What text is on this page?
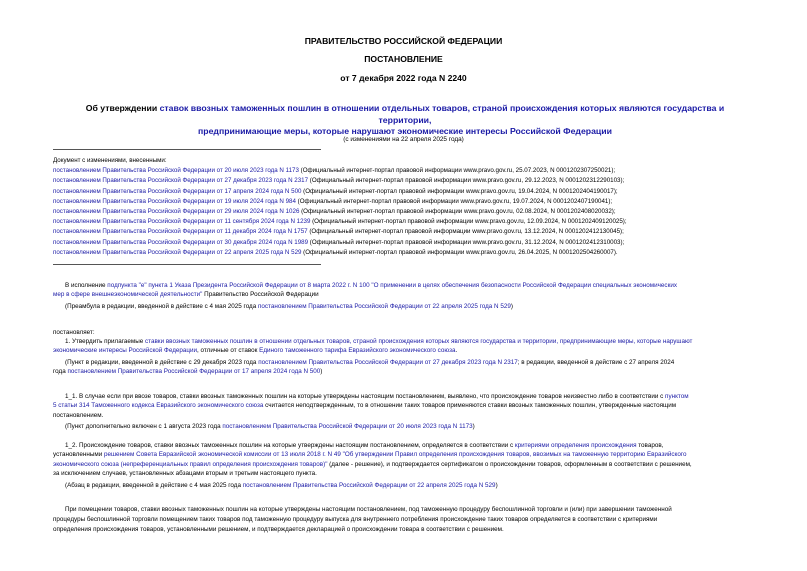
ПРАВИТЕЛЬСТВО РОССИЙСКОЙ ФЕДЕРАЦИИ
ПОСТАНОВЛЕНИЕ
от 7 декабря 2022 года N 2240
Об утверждении ставок ввозных таможенных пошлин в отношении отдельных товаров, страной происхождения которых являются государства и территории,
предпринимающие меры, которые нарушают экономические интересы Российской Федерации
(с изменениями на 22 апреля 2025 года)
Документ с изменениями, внесенными:
постановлением Правительства Российской Федерации от 20 июля 2023 года N 1173 (Официальный интернет-портал правовой информации www.pravo.gov.ru, 25.07.2023, N 0001202307250021);
постановлением Правительства Российской Федерации от 27 декабря 2023 года N 2317 (Официальный интернет-портал правовой информации www.pravo.gov.ru, 29.12.2023, N 0001202312290103);
постановлением Правительства Российской Федерации от 17 апреля 2024 года N 500 (Официальный интернет-портал правовой информации www.pravo.gov.ru, 19.04.2024, N 0001202404190017);
постановлением Правительства Российской Федерации от 19 июля 2024 года N 984 (Официальный интернет-портал правовой информации www.pravo.gov.ru, 19.07.2024, N 0001202407190041);
постановлением Правительства Российской Федерации от 29 июля 2024 года N 1026 (Официальный интернет-портал правовой информации www.pravo.gov.ru, 02.08.2024, N 0001202408020032);
постановлением Правительства Российской Федерации от 11 сентября 2024 года N 1239 (Официальный интернет-портал правовой информации www.pravo.gov.ru, 12.09.2024, N 0001202409120025);
постановлением Правительства Российской Федерации от 11 декабря 2024 года N 1757 (Официальный интернет-портал правовой информации www.pravo.gov.ru, 13.12.2024, N 0001202412130045);
постановлением Правительства Российской Федерации от 30 декабря 2024 года N 1989 (Официальный интернет-портал правовой информации www.pravo.gov.ru, 31.12.2024, N 0001202412310003);
постановлением Правительства Российской Федерации от 22 апреля 2025 года N 529 (Официальный интернет-портал правовой информации www.pravo.gov.ru, 26.04.2025, N 0001202504260007).
В исполнение подпункта "е" пункта 1 Указа Президента Российской Федерации от 8 марта 2022 г. N 100 "О применении в целях обеспечения безопасности Российской Федерации специальных экономических
мер в сфере внешнеэкономической деятельности" Правительство Российской Федерации
(Преамбула в редакции, введенной в действие с 4 мая 2025 года постановлением Правительства Российской Федерации от 22 апреля 2025 года N 529)
постановляет:
1. Утвердить прилагаемые ставки ввозных таможенных пошлин в отношении отдельных товаров, страной происхождения которых являются государства и территории, предпринимающие меры, которые нарушают
экономические интересы Российской Федерации, отличные от ставок Единого таможенного тарифа Евразийского экономического союза.
(Пункт в редакции, введенной в действие с 29 декабря 2023 года постановлением Правительства Российской Федерации от 27 декабря 2023 года N 2317; в редакции, введенной в действие с 27 апреля 2024
года постановлением Правительства Российской Федерации от 17 апреля 2024 года N 500)
1_1. В случае если при ввозе товаров, ставки ввозных таможенных пошлин на которые утверждены настоящим постановлением, выявлено, что происхождение товаров неизвестно либо в соответствии с пунктом
5 статьи 314 Таможенного кодекса Евразийского экономического союза считается неподтвержденным, то в отношении таких товаров применяются ставки ввозных таможенных пошлин, утвержденные настоящим
постановлением.
(Пункт дополнительно включен с 1 августа 2023 года постановлением Правительства Российской Федерации от 20 июля 2023 года N 1173)
1_2. Происхождение товаров, ставки ввозных таможенных пошлин на которые утверждены настоящим постановлением, определяется в соответствии с критериями определения происхождения товаров,
установленными решением Совета Евразийской экономической комиссии от 13 июля 2018 г. N 49 "Об утверждении Правил определения происхождения товаров, ввозимых на таможенную территорию Евразийского
экономического союза (непреференциальных правил определения происхождения товаров)" (далее - решение), и подтверждается сертификатом о происхождении товаров, оформленным в соответствии с решением,
за исключением случаев, установленных абзацами вторым и третьим настоящего пункта.
(Абзац в редакции, введенной в действие с 4 мая 2025 года постановлением Правительства Российской Федерации от 22 апреля 2025 года N 529)
При помещении товаров, ставки ввозных таможенных пошлин на которые утверждены настоящим постановлением, под таможенную процедуру беспошлинной торговли и (или) при завершении таможенной
процедуры беспошлинной торговли помещением таких товаров под таможенную процедуру выпуска для внутреннего потребления происхождение таких товаров определяется в соответствии с критериями
определения происхождения товаров, установленными решением, и подтверждается декларацией о происхождении товара в соответствии с решением.
